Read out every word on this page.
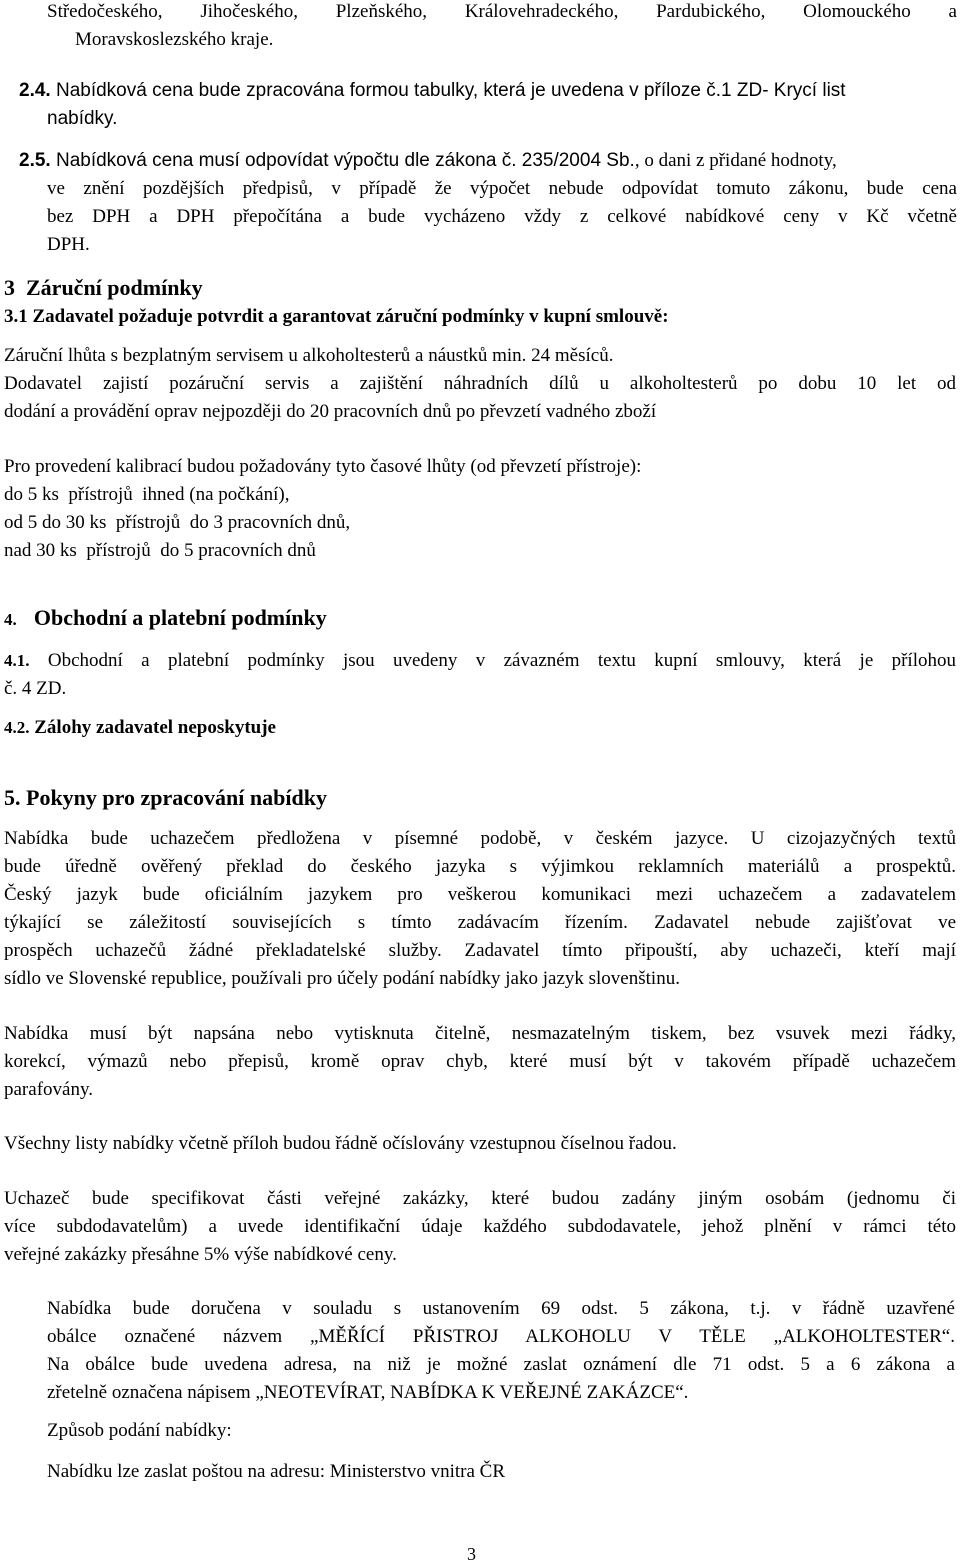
Středočeského, Jihočeského, Plzeňského, Královehradeckého, Pardubického, Olomouckého a
Moravskoslezského kraje.

2.4. Nabídková cena bude zpracována formou tabulky, která je uvedena v příloze č.1 ZD- Krycí list
nabídky.

2.5. Nabídková cena musí odpovídat výpočtu dle zákona č. 235/2004 Sb., o dani z přidané hodnoty,

ve znění pozdějších předpisů, v případě že výpočet nebude odpovídat tomuto zákonu, bude cena
bez DPH a DPH přepočítána a bude vycházeno vždy z celkové nabídkové ceny v Kč včetně
DPH.

3  Záruční podmínky

3.1 Zadavatel požaduje potvrdit a garantovat záruční podmínky v kupní smlouvě:

Záruční lhůta s bezplatným servisem u alkoholtesterů a náustků min. 24 měsíců.

Dodavatel zajistí pozáruční servis a zajištění náhradních dílů u alkoholtesterů po dobu 10 let od
dodání a provádění oprav nejpozději do 20 pracovních dnů po převzetí vadného zboží

Pro provedení kalibrací budou požadovány tyto časové lhůty (od převzetí přístroje):
do 5 ks  přístrojů  ihned (na počkání),
od 5 do 30 ks  přístrojů  do 3 pracovních dnů,
nad 30 ks  přístrojů  do 5 pracovních dnů

4. Obchodní a platební podmínky

4.1. Obchodní a platební podmínky jsou uvedeny v závazném textu kupní smlouvy, která je přílohou
č. 4 ZD.

4.2. Zálohy zadavatel neposkytuje

5. Pokyny pro zpracování nabídky

Nabídka bude uchazečem předložena v písemné podobě, v českém jazyce. U cizojazyčných textů
bude úředně ověřený překlad do českého jazyka s výjimkou reklamních materiálů a prospektů.
Český jazyk bude oficiálním jazykem pro veškerou komunikaci mezi uchazečem a zadavatelem
týkající se záležitostí souvisejících s tímto zadávacím řízením. Zadavatel nebude zajišťovat ve
prospěch uchazečů žádné překladatelské služby. Zadavatel tímto připouští, aby uchazeči, kteří mají
sídlo ve Slovenské republice, používali pro účely podání nabídky jako jazyk slovenštinu.

Nabídka musí být napsána nebo vytisknuta čitelně, nesmazatelným tiskem, bez vsuvek mezi řádky,
korekcí, výmazů nebo přepisů, kromě oprav chyb, které musí být v takovém případě uchazečem
parafovány.

Všechny listy nabídky včetně příloh budou řádně očíslovány vzestupnou číselnou řadou.

Uchazeč bude specifikovat části veřejné zakázky, které budou zadány jiným osobám (jednomu či
více subdodavatelům) a uvede identifikační údaje každého subdodavatele, jehož plnění v rámci této
veřejné zakázky přesáhne 5% výše nabídkové ceny.

Nabídka bude doručena v souladu s ustanovením 69 odst. 5 zákona, t.j. v řádně uzavřené
obálce označené názvem „MĚŘÍCÍ PŘISTROJ ALKOHOLU V TĚLE „ALKOHOLTESTER“.
Na obálce bude uvedena adresa, na niž je možné zaslat oznámení dle 71 odst. 5 a 6 zákona a
zřetelně označena nápisem „NEOTEVÍRAT, NABÍDKA K VEŘEJNÉ ZAKÁZCE“.

Způsob podání nabídky:

Nabídku lze zaslat poštou na adresu: Ministerstvo vnitra ČR

3
